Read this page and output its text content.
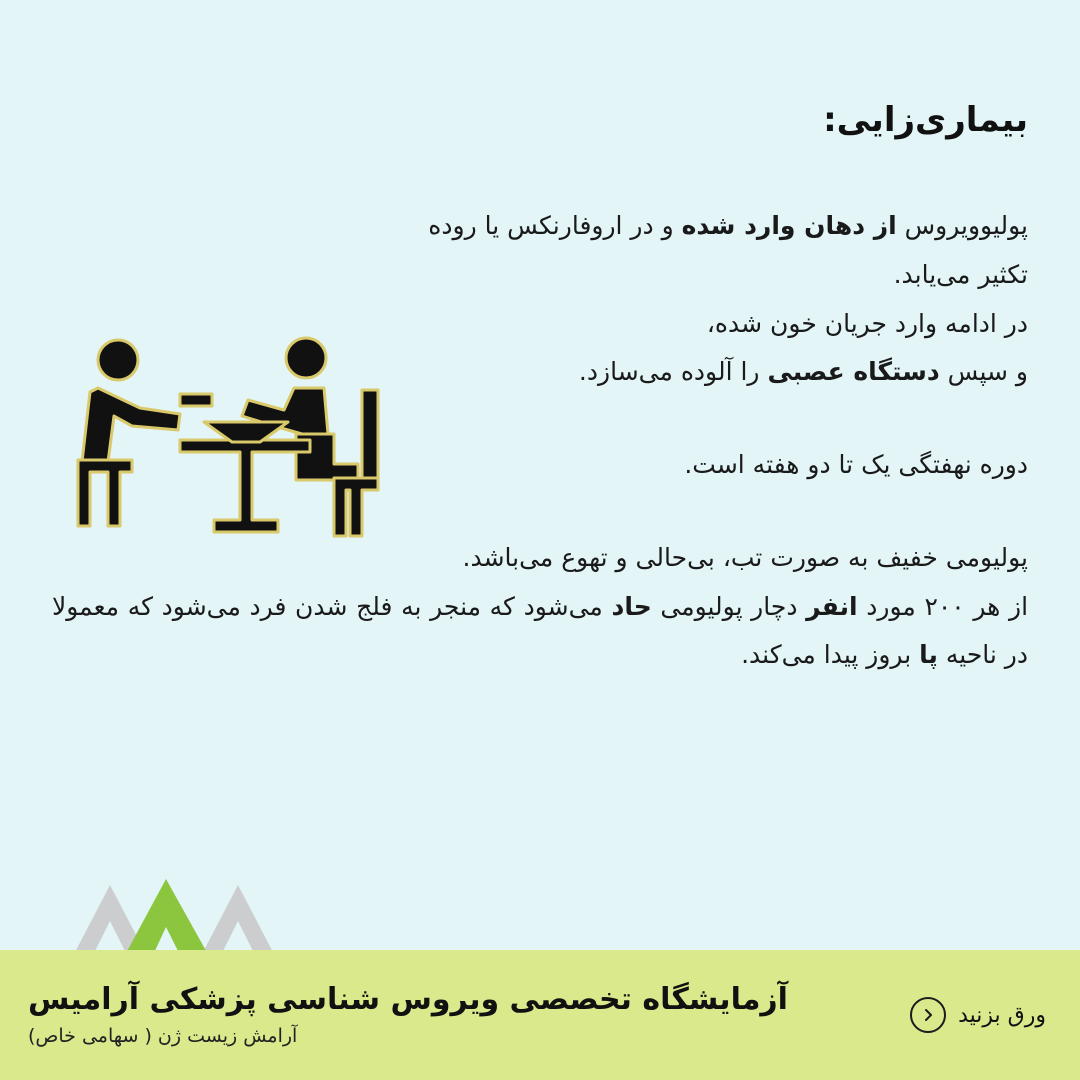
بیماری‌زایی:

پولیوویروس از دهان وارد شده و در اروفارنکس یا روده تکثیر می‌یابد.

در ادامه وارد جریان خون شده،

و سپس دستگاه عصبی را آلوده می‌سازد.

دوره نهفتگی یک تا دو هفته است.

پولیومی خفیف به صورت تب، بی‌حالی و تهوع می‌باشد.

از هر ۲۰۰ مورد انفر دچار پولیومی حاد می‌شود که منجر به فلج شدن فرد می‌شود که معمولا در ناحیه پا بروز پیدا می‌کند.

ورق بزنید
آزمایشگاه تخصصی ویروس شناسی پزشکی آرامیس
آرامش زیست ژن ( سهامی خاص)
